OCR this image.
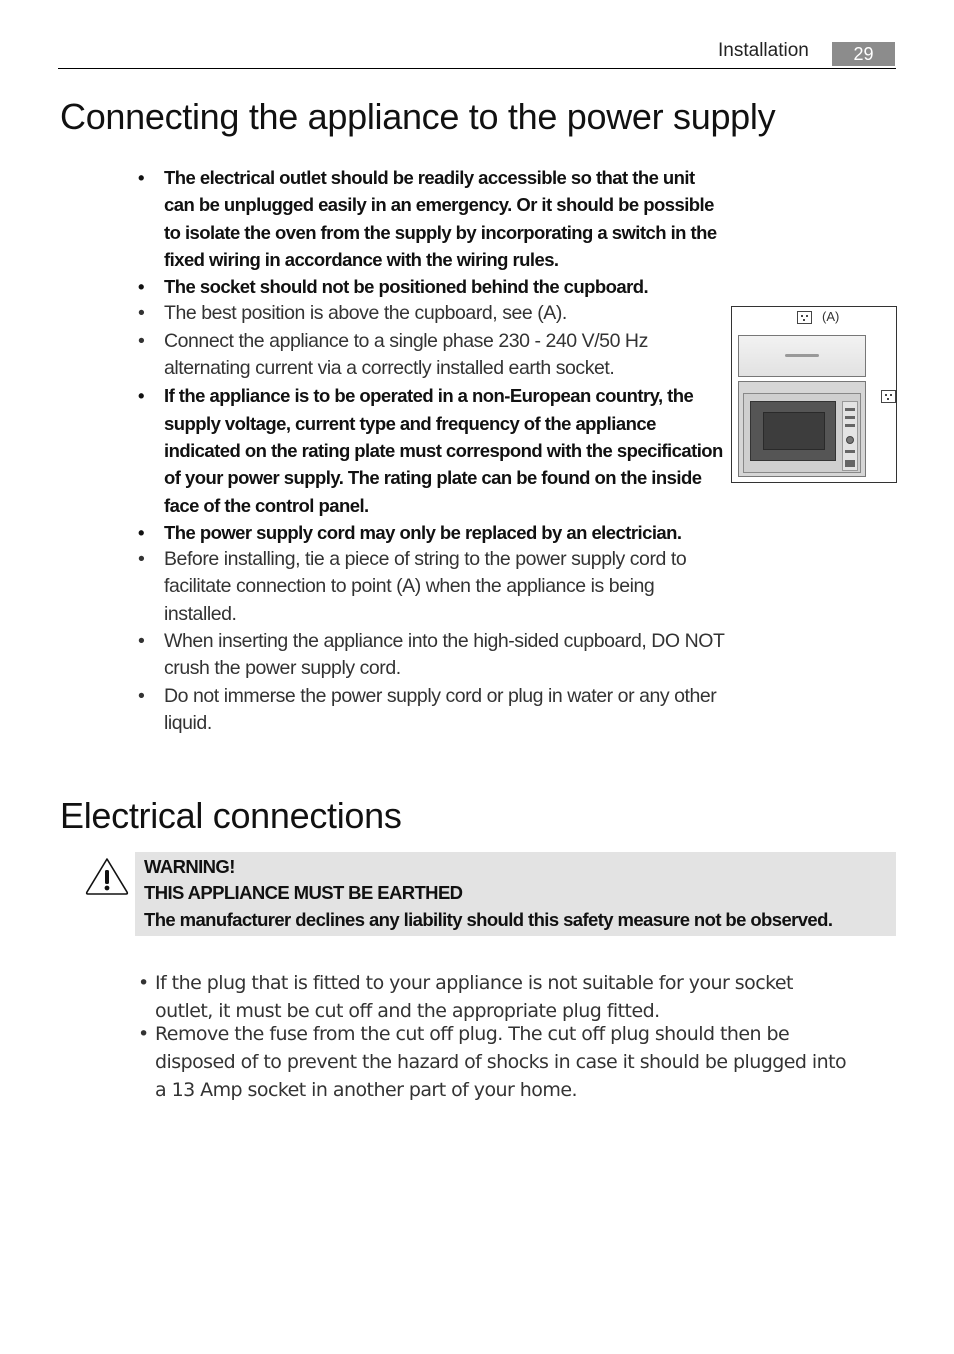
Installation	29
Connecting the appliance to the power supply
• The electrical outlet should be readily accessible so that the unit can be unplugged easily in an emergency. Or it should be possible to isolate the oven from the supply by incorporating a switch in the fixed wiring in accordance with the wiring rules.
• The socket should not be positioned behind the cupboard.
• The best position is above the cupboard, see (A).
• Connect the appliance to a single phase 230 - 240 V/50 Hz alternating current via a correctly installed earth socket.
• If the appliance is to be operated in a non-European country, the supply voltage, current type and frequency of the appliance indicated on the rating plate must correspond with the specification of your power supply. The rating plate can be found on the inside face of the control panel.
• The power supply cord may only be replaced by an electrician.
• Before installing, tie a piece of string to the power supply cord to facilitate connection to point (A) when the appliance is being installed.
• When inserting the appliance into the high-sided cupboard, DO NOT crush the power supply cord.
• Do not immerse the power supply cord or plug in water or any other liquid.
(A)
Electrical connections
WARNING!
THIS APPLIANCE MUST BE EARTHED
The manufacturer declines any liability should this safety measure not be observed.
• If the plug that is fitted to your appliance is not suitable for your socket outlet, it must be cut off and the appropriate plug fitted.
• Remove the fuse from the cut off plug. The cut off plug should then be disposed of to prevent the hazard of shocks in case it should be plugged into a 13 Amp socket in another part of your home.
